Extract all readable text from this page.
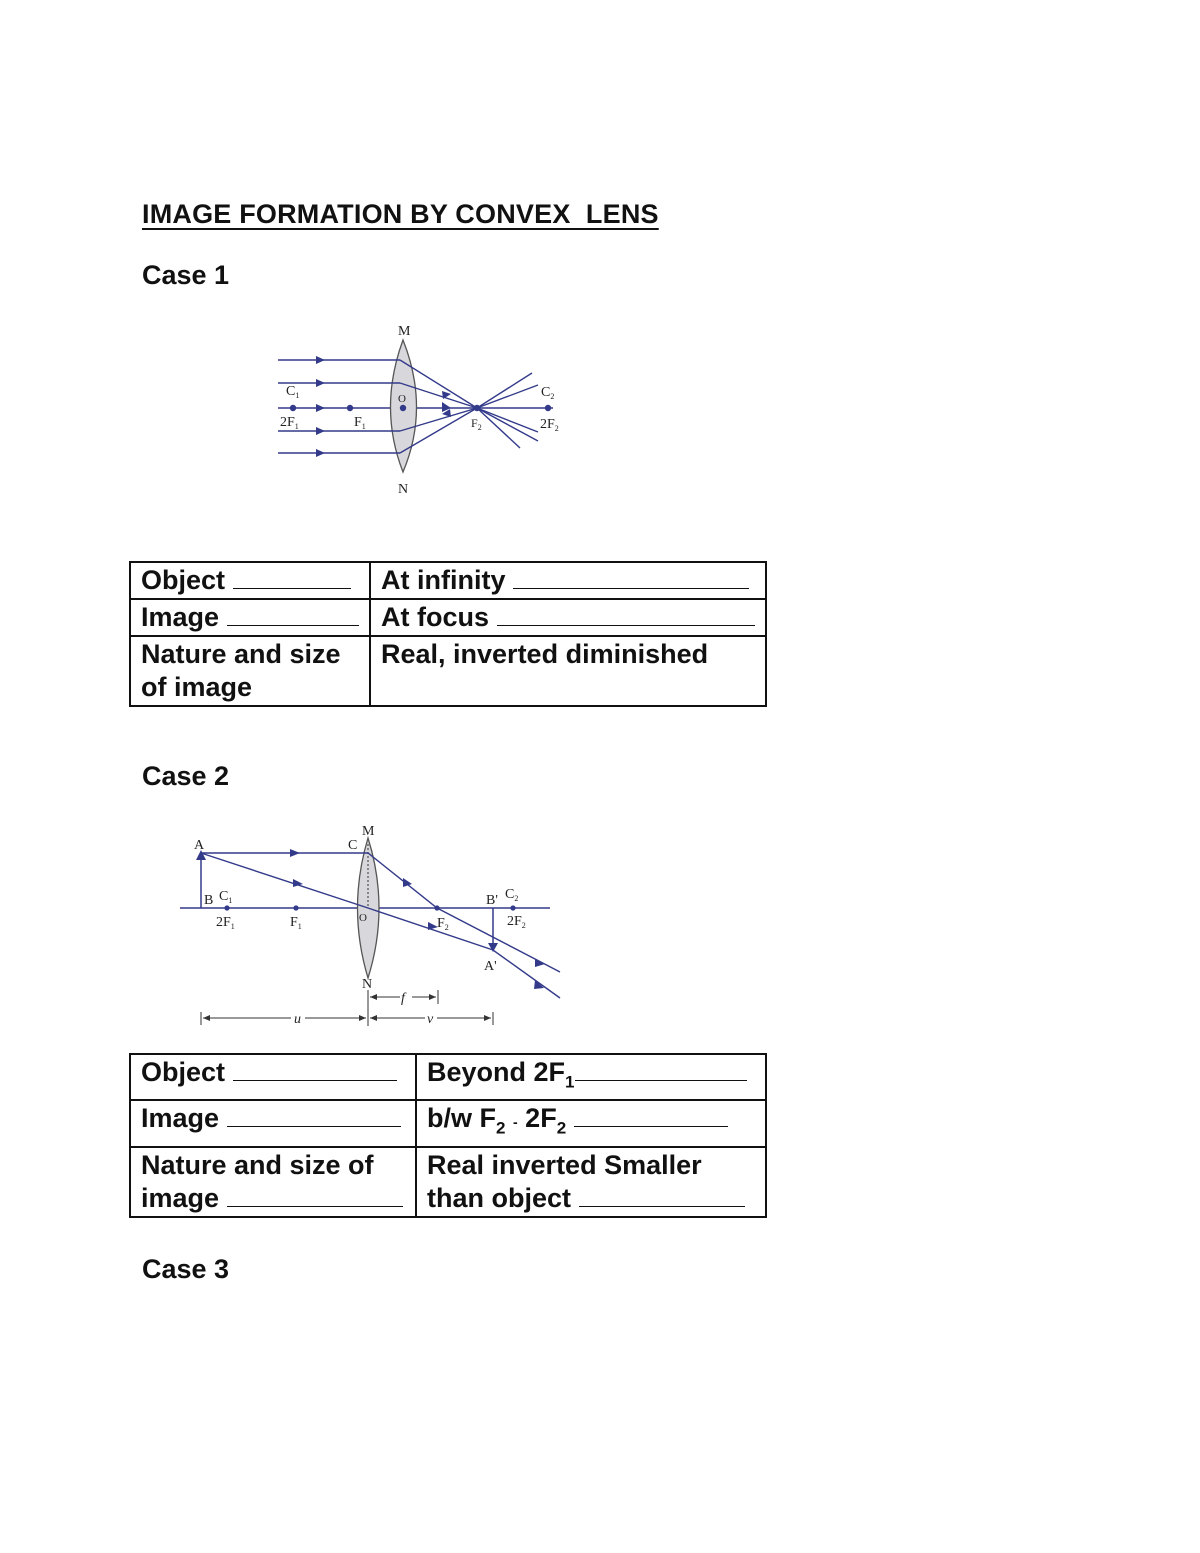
IMAGE FORMATION BY CONVEX  LENS
Case 1
M
N
O
$C_1$
$2F_1$	$F_1$	$F_2$
$C_2$
$2F_2$
Object	At infinity
Image	At focus
Nature and size of image	Real, inverted diminished
Case 2
A
B $C_1$
$2F_1$	$F_1$
C
M
O
N
$F_2$
B' $C_2$
$2F_2$
A'
f
u	v
Object	Beyond $2F_1$
Image	b/w $F_2 - 2F_2$
Nature and size of
image	Real inverted Smaller
than object
Case 3
